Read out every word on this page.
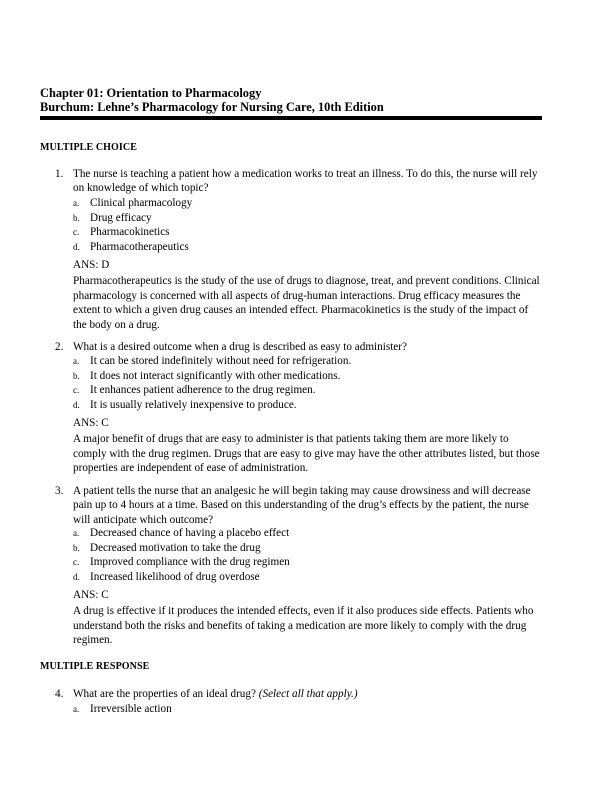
Chapter 01: Orientation to Pharmacology
Burchum: Lehne’s Pharmacology for Nursing Care, 10th Edition
MULTIPLE CHOICE
1. The nurse is teaching a patient how a medication works to treat an illness. To do this, the nurse will rely on knowledge of which topic?

a. Clinical pharmacology
b. Drug efficacy
c. Pharmacokinetics
d. Pharmacotherapeutics

ANS: D

Pharmacotherapeutics is the study of the use of drugs to diagnose, treat, and prevent conditions. Clinical pharmacology is concerned with all aspects of drug-human interactions. Drug efficacy measures the extent to which a given drug causes an intended effect. Pharmacokinetics is the study of the impact of the body on a drug.

2. What is a desired outcome when a drug is described as easy to administer?

a. It can be stored indefinitely without need for refrigeration.
b. It does not interact significantly with other medications.
c. It enhances patient adherence to the drug regimen.
d. It is usually relatively inexpensive to produce.

ANS: C

A major benefit of drugs that are easy to administer is that patients taking them are more likely to comply with the drug regimen. Drugs that are easy to give may have the other attributes listed, but those properties are independent of ease of administration.

3. A patient tells the nurse that an analgesic he will begin taking may cause drowsiness and will decrease pain up to 4 hours at a time. Based on this understanding of the drug’s effects by the patient, the nurse will anticipate which outcome?

a. Decreased chance of having a placebo effect
b. Decreased motivation to take the drug
c. Improved compliance with the drug regimen
d. Increased likelihood of drug overdose

ANS: C

A drug is effective if it produces the intended effects, even if it also produces side effects. Patients who understand both the risks and benefits of taking a medication are more likely to comply with the drug regimen.

MULTIPLE RESPONSE
4. What are the properties of an ideal drug? (Select all that apply.)

a. Irreversible action
